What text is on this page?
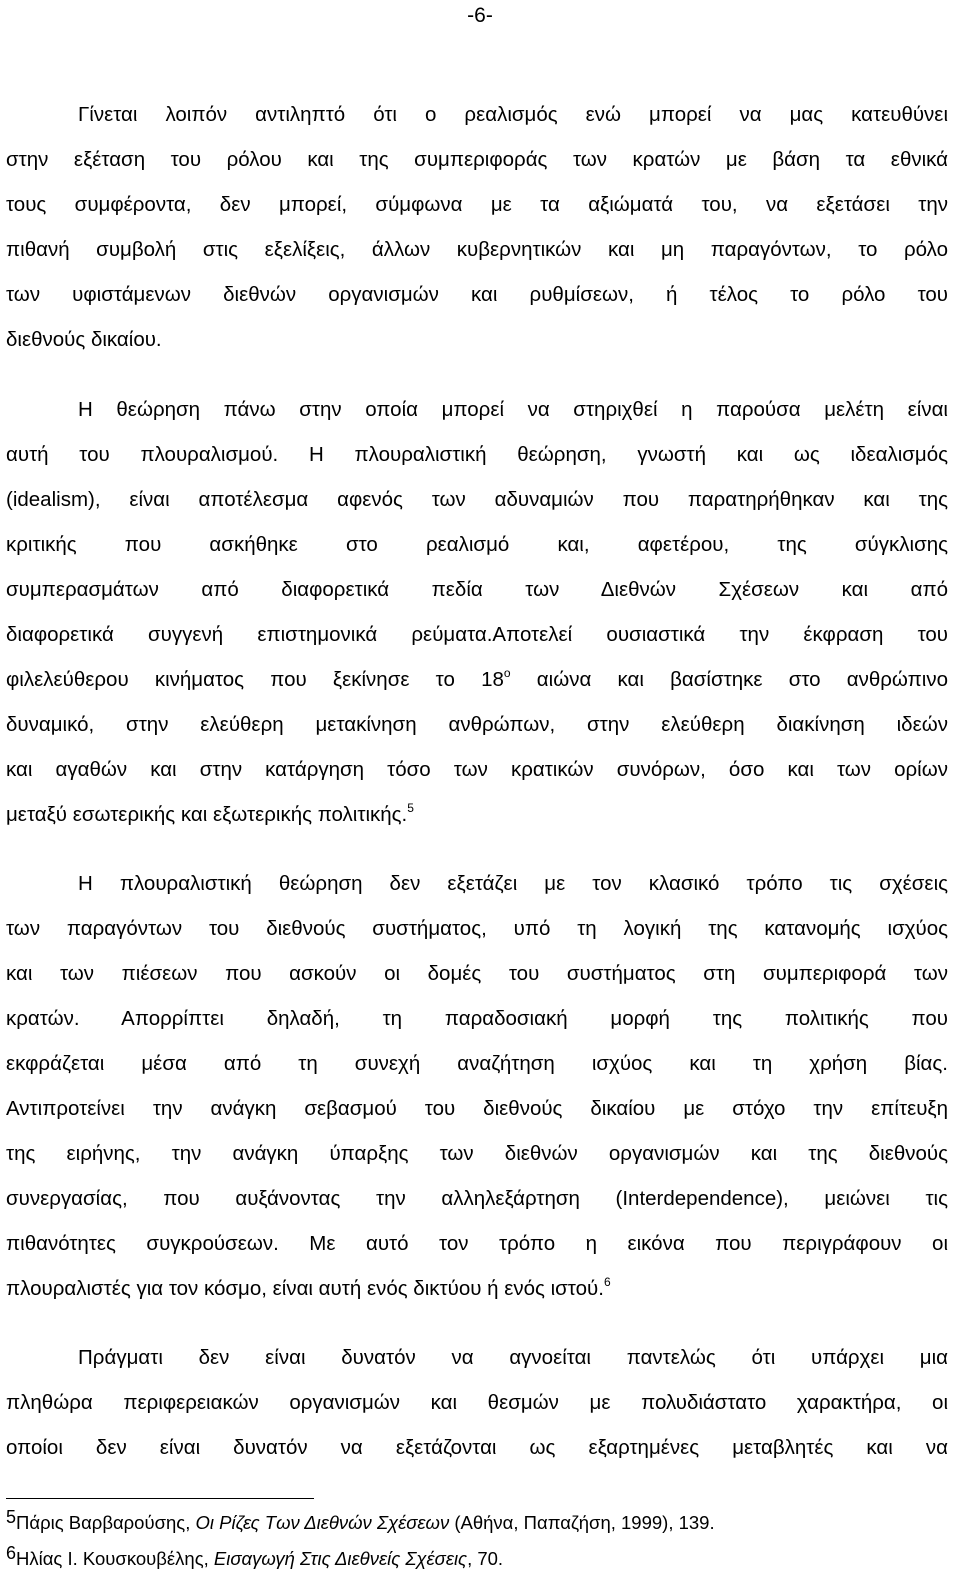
-6-
Γίνεται λοιπόν αντιληπτό ότι ο ρεαλισμός ενώ μπορεί να μας κατευθύνει
στην εξέταση του ρόλου και της συμπεριφοράς των κρατών με βάση τα εθνικά
τους συμφέροντα, δεν μπορεί, σύμφωνα με τα αξιώματά του, να εξετάσει την
πιθανή συμβολή στις εξελίξεις, άλλων κυβερνητικών και μη παραγόντων, το ρόλο
των υφιστάμενων διεθνών οργανισμών και ρυθμίσεων, ή τέλος το ρόλο του
διεθνούς δικαίου.
Η θεώρηση πάνω στην οποία μπορεί να στηριχθεί η παρούσα μελέτη είναι
αυτή του πλουραλισμού. Η πλουραλιστική θεώρηση, γνωστή και ως ιδεαλισμός
(idealism), είναι αποτέλεσμα αφενός των αδυναμιών που παρατηρήθηκαν και της
κριτικής που ασκήθηκε στο ρεαλισμό και, αφετέρου, της σύγκλισης
συμπερασμάτων από διαφορετικά πεδία των Διεθνών Σχέσεων και από
διαφορετικά συγγενή επιστημονικά ρεύματα.Αποτελεί ουσιαστικά την έκφραση του
φιλελεύθερου κινήματος που ξεκίνησε το $18^o$ αιώνα και βασίστηκε στο ανθρώπινο
δυναμικό, στην ελεύθερη μετακίνηση ανθρώπων, στην ελεύθερη διακίνηση ιδεών
και αγαθών και στην κατάργηση τόσο των κρατικών συνόρων, όσο και των ορίων
μεταξύ εσωτερικής και εξωτερικής πολιτικής.$^5$
Η πλουραλιστική θεώρηση δεν εξετάζει με τον κλασικό τρόπο τις σχέσεις
των παραγόντων του διεθνούς συστήματος, υπό τη λογική της κατανομής ισχύος
και των πιέσεων που ασκούν οι δομές του συστήματος στη συμπεριφορά των
κρατών. Απορρίπτει δηλαδή, τη παραδοσιακή μορφή της πολιτικής που
εκφράζεται μέσα από τη συνεχή αναζήτηση ισχύος και τη χρήση βίας.
Αντιπροτείνει την ανάγκη σεβασμού του διεθνούς δικαίου με στόχο την επίτευξη
της ειρήνης, την ανάγκη ύπαρξης των διεθνών οργανισμών και της διεθνούς
συνεργασίας, που αυξάνοντας την αλληλεξάρτηση (Interdependence), μειώνει τις
πιθανότητες συγκρούσεων. Με αυτό τον τρόπο η εικόνα που περιγράφουν οι
πλουραλιστές για τον κόσμο, είναι αυτή ενός δικτύου ή ενός ιστού.$^6$
Πράγματι δεν είναι δυνατόν να αγνοείται παντελώς ότι υπάρχει μια
πληθώρα περιφερειακών οργανισμών και θεσμών με πολυδιάστατο χαρακτήρα, οι
οποίοι δεν είναι δυνατόν να εξετάζονται ως εξαρτημένες μεταβλητές και να
5Πάρις Βαρβαρούσης, Οι Ρίζες Των Διεθνών Σχέσεων (Αθήνα, Παπαζήση, 1999), 139.
6Ηλίας Ι. Κουσκουβέλης, Εισαγωγή Στις Διεθνείς Σχέσεις, 70.
